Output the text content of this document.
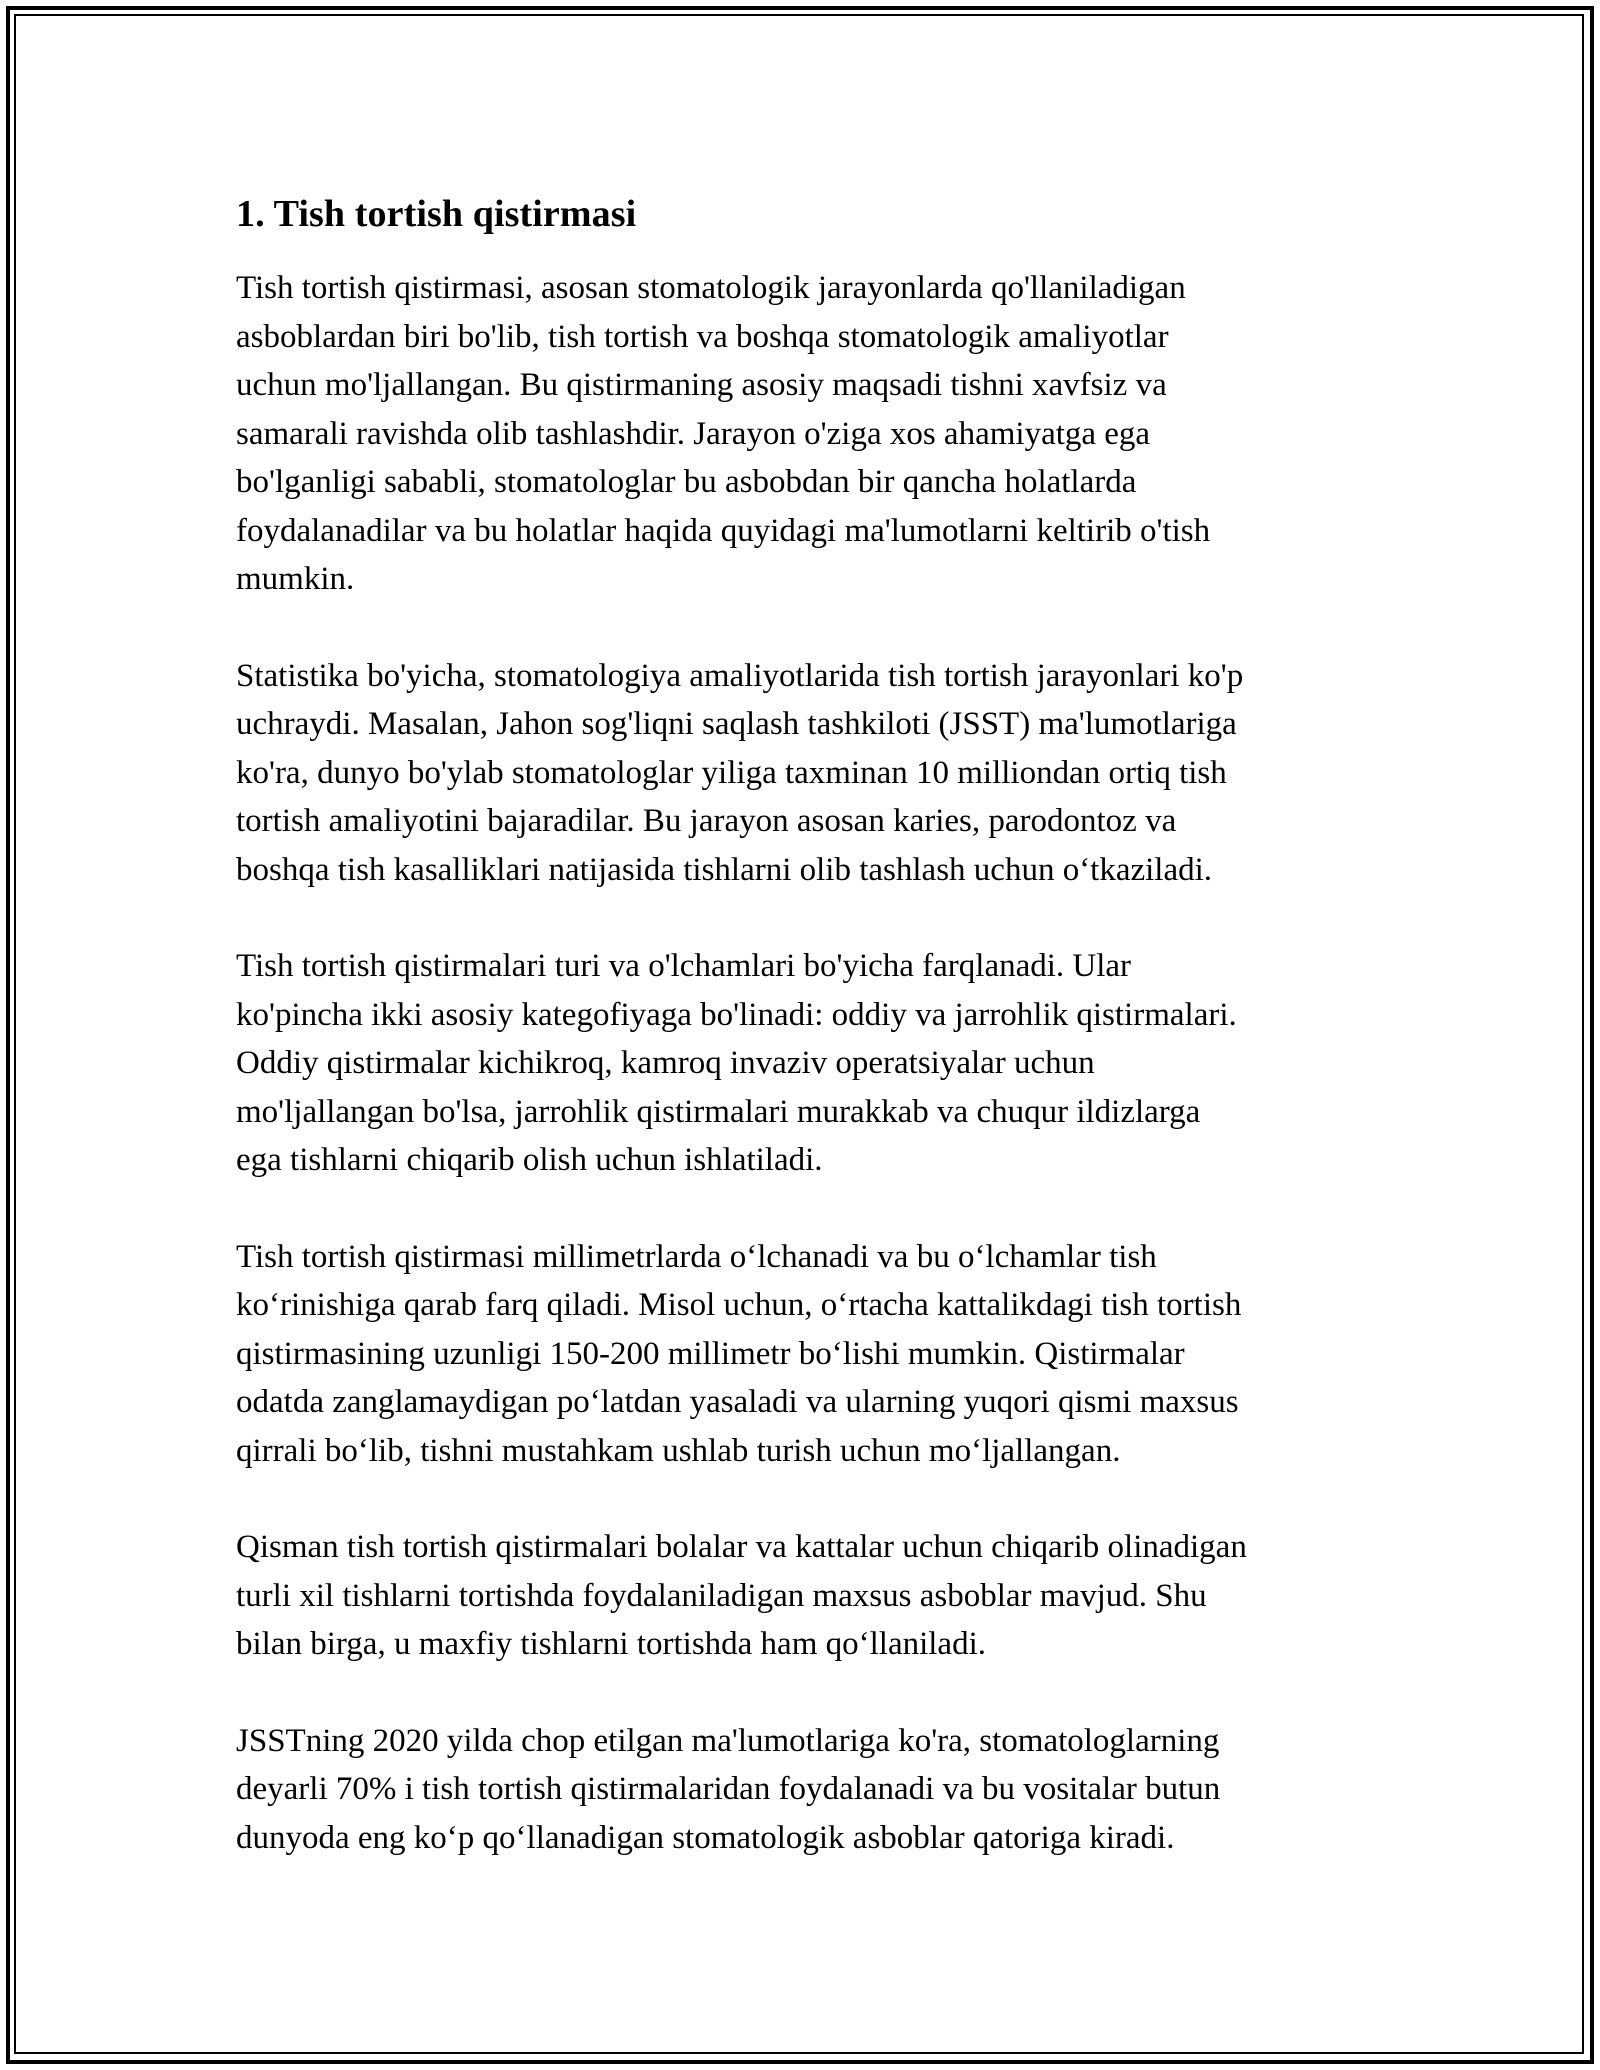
1. Tish tortish qistirmasi

Tish tortish qistirmasi, asosan stomatologik jarayonlarda qo'llaniladigan
asboblardan biri bo'lib, tish tortish va boshqa stomatologik amaliyotlar
uchun mo'ljallangan. Bu qistirmaning asosiy maqsadi tishni xavfsiz va
samarali ravishda olib tashlashdir. Jarayon o'ziga xos ahamiyatga ega
bo'lganligi sababli, stomatologlar bu asbobdan bir qancha holatlarda
foydalanadilar va bu holatlar haqida quyidagi ma'lumotlarni keltirib o'tish
mumkin.

Statistika bo'yicha, stomatologiya amaliyotlarida tish tortish jarayonlari ko'p
uchraydi. Masalan, Jahon sog'liqni saqlash tashkiloti (JSST) ma'lumotlariga
ko'ra, dunyo bo'ylab stomatologlar yiliga taxminan 10 milliondan ortiq tish
tortish amaliyotini bajaradilar. Bu jarayon asosan karies, parodontoz va
boshqa tish kasalliklari natijasida tishlarni olib tashlash uchun oʻtkaziladi.

Tish tortish qistirmalari turi va o'lchamlari bo'yicha farqlanadi. Ular
ko'pincha ikki asosiy kategofiyaga bo'linadi: oddiy va jarrohlik qistirmalari.
Oddiy qistirmalar kichikroq, kamroq invaziv operatsiyalar uchun
mo'ljallangan bo'lsa, jarrohlik qistirmalari murakkab va chuqur ildizlarga
ega tishlarni chiqarib olish uchun ishlatiladi.

Tish tortish qistirmasi millimetrlarda oʻlchanadi va bu oʻlchamlar tish
koʻrinishiga qarab farq qiladi. Misol uchun, oʻrtacha kattalikdagi tish tortish
qistirmasining uzunligi 150-200 millimetr boʻlishi mumkin. Qistirmalar
odatda zanglamaydigan poʻlatdan yasaladi va ularning yuqori qismi maxsus
qirrali boʻlib, tishni mustahkam ushlab turish uchun moʻljallangan.

Qisman tish tortish qistirmalari bolalar va kattalar uchun chiqarib olinadigan
turli xil tishlarni tortishda foydalaniladigan maxsus asboblar mavjud. Shu
bilan birga, u maxfiy tishlarni tortishda ham qoʻllaniladi.

JSSTning 2020 yilda chop etilgan ma'lumotlariga ko'ra, stomatologlarning
deyarli 70% i tish tortish qistirmalaridan foydalanadi va bu vositalar butun
dunyoda eng koʻp qoʻllanadigan stomatologik asboblar qatoriga kiradi.
